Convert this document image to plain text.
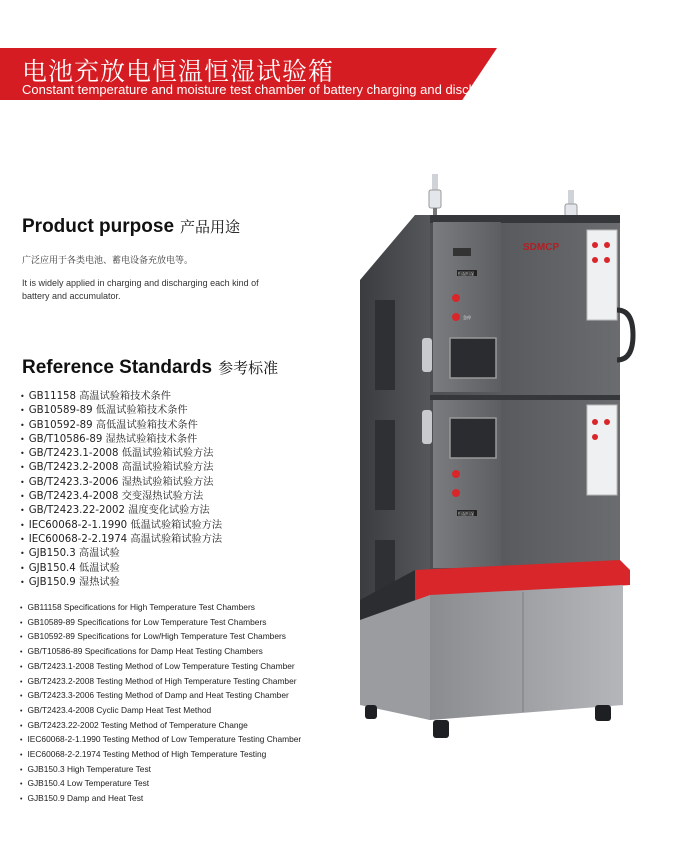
电池充放电恒温恒湿试验箱
Constant temperature and moisture test chamber of battery charging and discharging
Product purpose 产品用途
广泛应用于各类电池、蓄电设备充放电等。
It is widely applied in charging and discharging each kind of battery and accumulator.
Reference Standards 参考标准
• GB11158 高温试验箱技术条件
• GB10589-89 低温试验箱技术条件
• GB10592-89 高低温试验箱技术条件
• GB/T10586-89 湿热试验箱技术条件
• GB/T2423.1-2008 低温试验箱试验方法
• GB/T2423.2-2008 高温试验箱试验方法
• GB/T2423.3-2006 湿热试验箱试验方法
• GB/T2423.4-2008 交变湿热试验方法
• GB/T2423.22-2002 温度变化试验方法
• IEC60068-2-1.1990 低温试验箱试验方法
• IEC60068-2-2.1974 高温试验箱试验方法
• GJB150.3 高温试验
• GJB150.4 低温试验
• GJB150.9 湿热试验
• GB11158 Specifications for High Temperature Test Chambers
• GB10589-89 Specifications for Low Temperature Test Chambers
• GB10592-89 Specifications for Low/High Temperature Test Chambers
• GB/T10586-89 Specifications for Damp Heat Testing Chambers
• GB/T2423.1-2008 Testing Method of Low Temperature Testing Chamber
• GB/T2423.2-2008 Testing Method of High Temperature Testing Chamber
• GB/T2423.3-2006 Testing Method of Damp and Heat Testing Chamber
• GB/T2423.4-2008 Cyclic Damp Heat Test Method
• GB/T2423.22-2002 Testing Method of Temperature Change
• IEC60068-2-1.1990 Testing Method of Low Temperature Testing Chamber
• IEC60068-2-2.1974 Testing Method of High Temperature Testing
• GJB150.3 High Temperature Test
• GJB150.4 Low Temperature Test
• GJB150.9 Damp and Heat Test
恒温恒湿
急停
SDMCP
恒温恒湿
